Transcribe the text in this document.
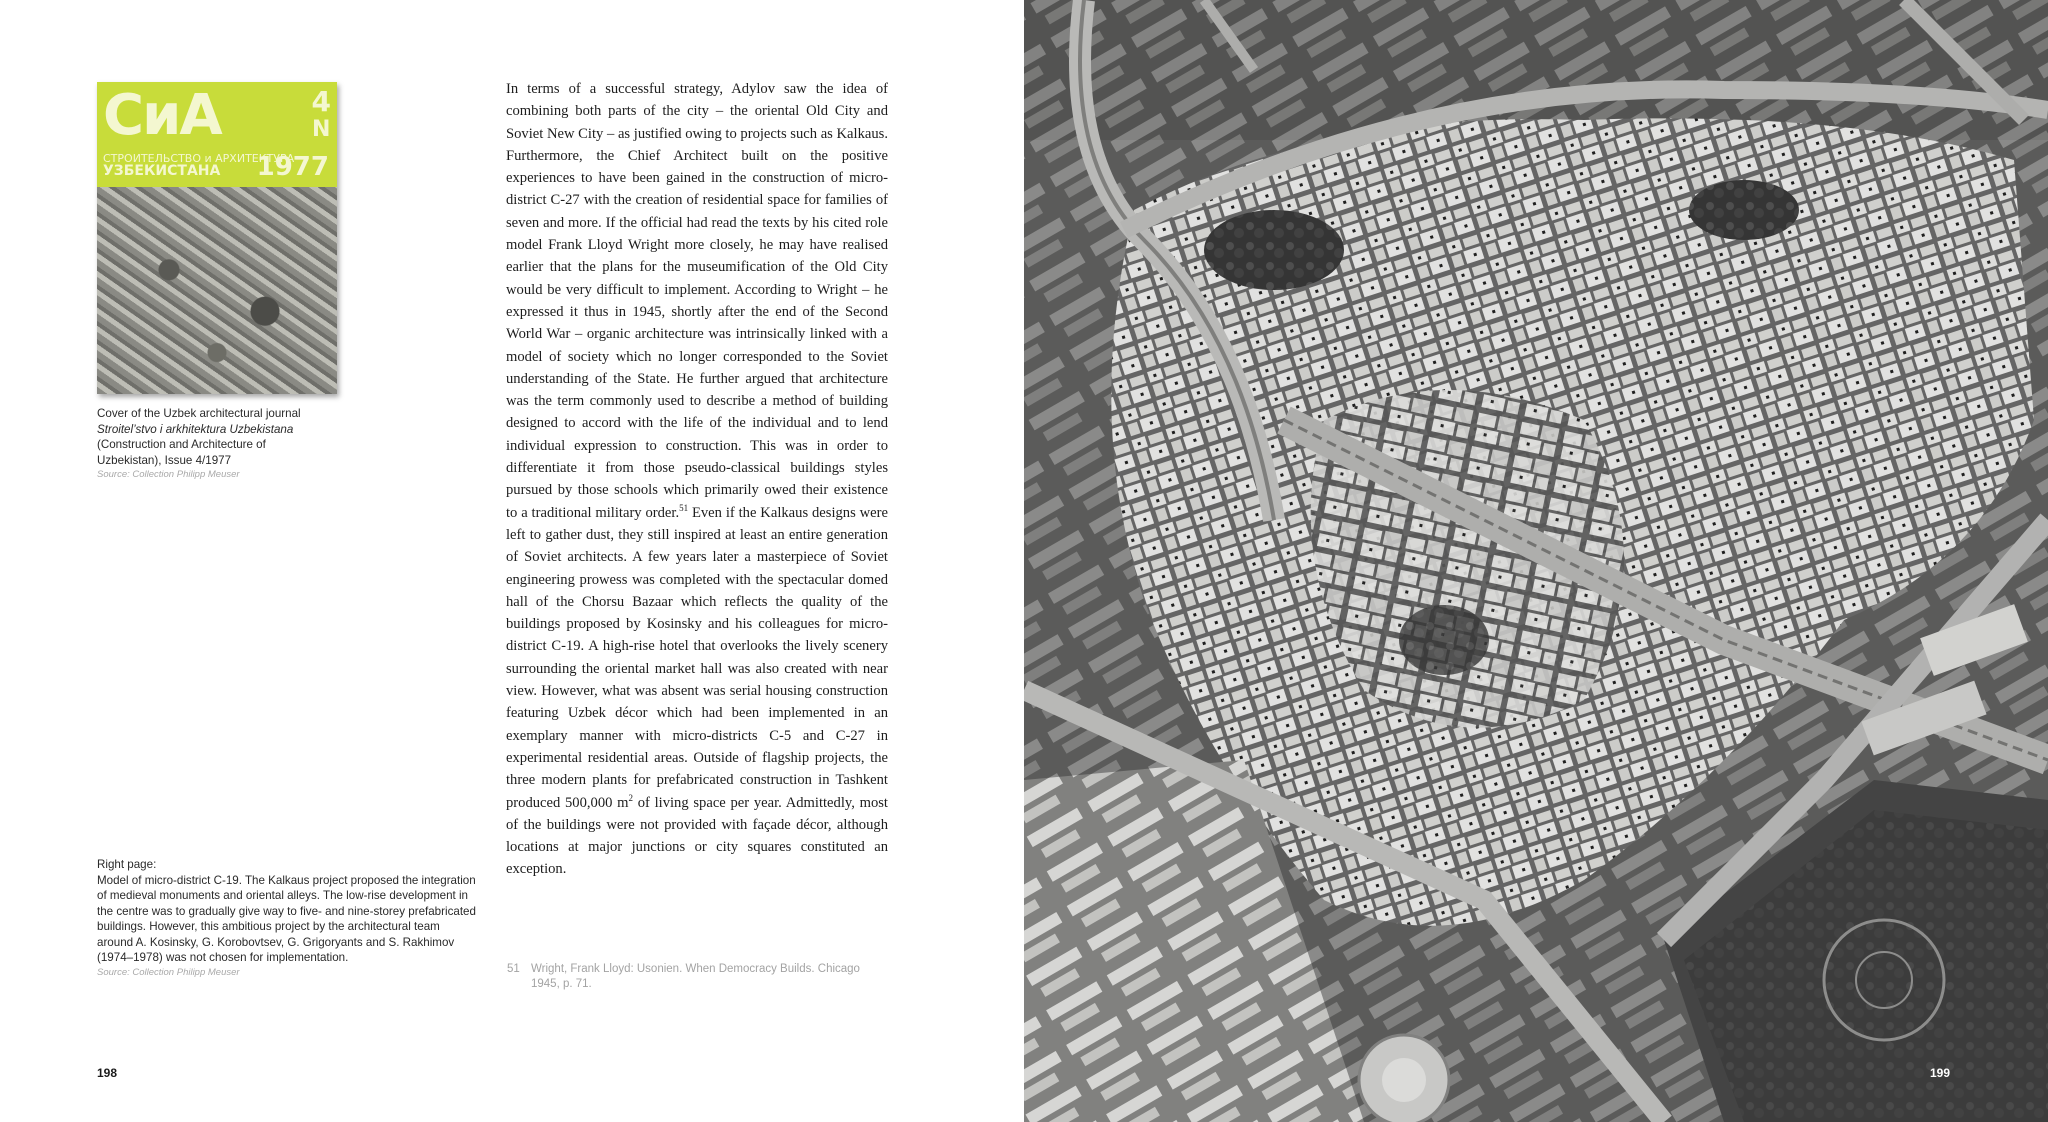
СиА	4
N
СТРОИТЕЛЬСТВО и АРХИТЕКТУРА
УЗБЕКИСТАНА	1977
Cover of the Uzbek architectural journal
Stroitel’stvo i arkhitektura Uzbekistana
(Construction and Architecture of
Uzbekistan), Issue 4/1977
Source: Collection Philipp Meuser
Right page:
Model of micro-district C-19. The Kalkaus project proposed the integration of medieval monuments and oriental alleys. The low-rise development in the centre was to gradually give way to five- and nine-storey prefabricated buildings. However, this ambitious project by the architectural team around A. Kosinsky, G. Korobovtsev, G. Grigoryants and S. Rakhimov (1974–1978) was not chosen for implementation.
Source: Collection Philipp Meuser
In terms of a successful strategy, Adylov saw the idea of combining both parts of the city – the oriental Old City and Soviet New City – as justified owing to projects such as Kalkaus. Furthermore, the Chief Architect built on the positive experiences to have been gained in the construction of micro-district C-27 with the creation of residential space for families of seven and more. If the official had read the texts by his cited role model Frank Lloyd Wright more closely, he may have realised earlier that the plans for the museumification of the Old City would be very difficult to implement. According to Wright – he expressed it thus in 1945, shortly after the end of the Second World War – organic architecture was intrinsically linked with a model of society which no longer corresponded to the Soviet understanding of the State. He further argued that architecture was the term commonly used to describe a method of building designed to accord with the life of the individual and to lend individual expression to construction. This was in order to differentiate it from those pseudo-classical buildings styles pursued by those schools which primarily owed their existence to a traditional military order.$^{51}$ Even if the Kalkaus designs were left to gather dust, they still inspired at least an entire generation of Soviet architects. A few years later a masterpiece of Soviet engineering prowess was completed with the spectacular domed hall of the Chorsu Bazaar which reflects the quality of the buildings proposed by Kosinsky and his colleagues for micro-district C-19. A high-rise hotel that overlooks the lively scenery surrounding the oriental market hall was also created with near view. However, what was absent was serial housing construction featuring Uzbek décor which had been implemented in an exemplary manner with micro-districts C-5 and C-27 in experimental residential areas. Outside of flagship projects, the three modern plants for prefabricated construction in Tashkent produced 500,000 $m^2$ of living space per year. Admittedly, most of the buildings were not provided with façade décor, although locations at major junctions or city squares constituted an exception.
51 Wright, Frank Lloyd: Usonien. When Democracy Builds. Chicago 1945, p. 71.
198	199
